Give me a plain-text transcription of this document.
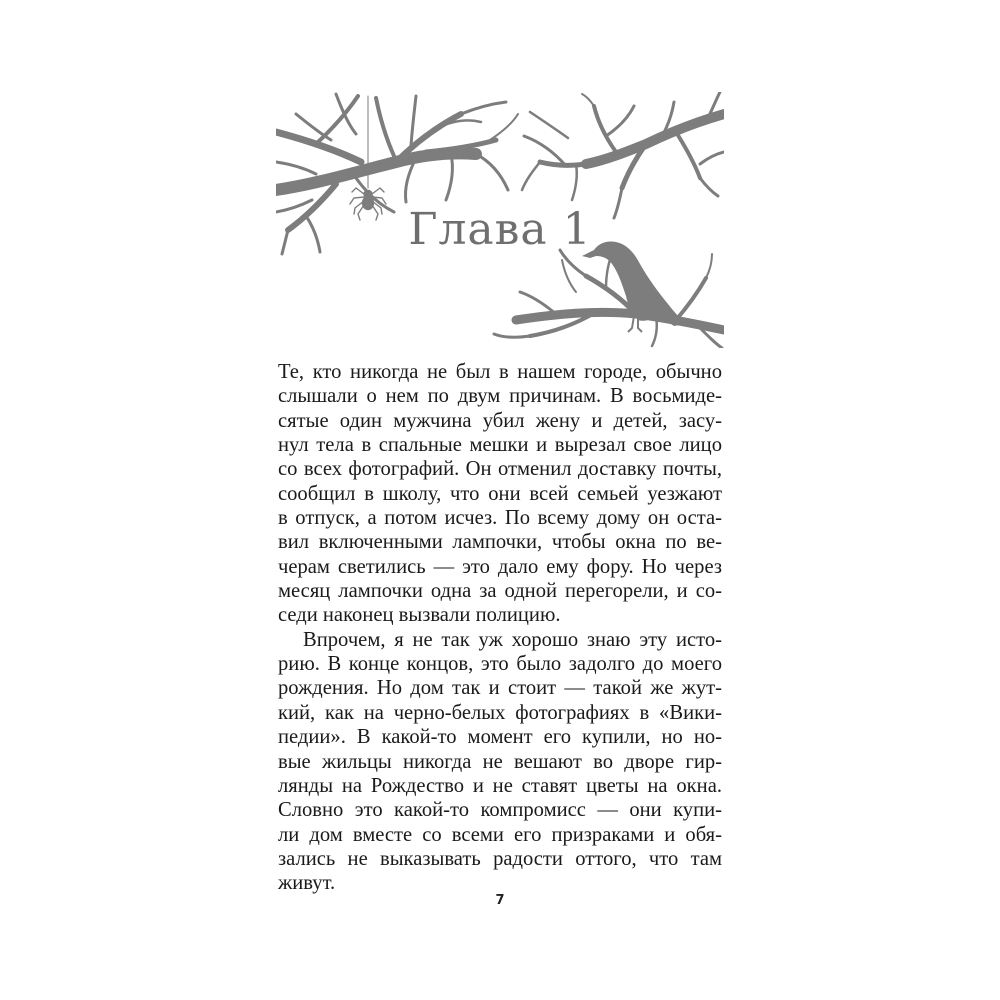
Глава 1
Те, кто никогда не был в нашем городе, обычно
слышали о нем по двум причинам. В восьмиде-
сятые один мужчина убил жену и детей, засу-
нул тела в спальные мешки и вырезал свое лицо
со всех фотографий. Он отменил доставку почты,
сообщил в школу, что они всей семьей уезжают
в отпуск, а потом исчез. По всему дому он оста-
вил включенными лампочки, чтобы окна по ве-
черам светились — это дало ему фору. Но через
месяц лампочки одна за одной перегорели, и со-
седи наконец вызвали полицию.
Впрочем, я не так уж хорошо знаю эту исто-
рию. В конце концов, это было задолго до моего
рождения. Но дом так и стоит — такой же жут-
кий, как на черно-белых фотографиях в «Вики-
педии». В какой-то момент его купили, но но-
вые жильцы никогда не вешают во дворе гир-
лянды на Рождество и не ставят цветы на окна.
Словно это какой-то компромисс — они купи-
ли дом вместе со всеми его призраками и обя-
зались не выказывать радости оттого, что там
живут.
7
